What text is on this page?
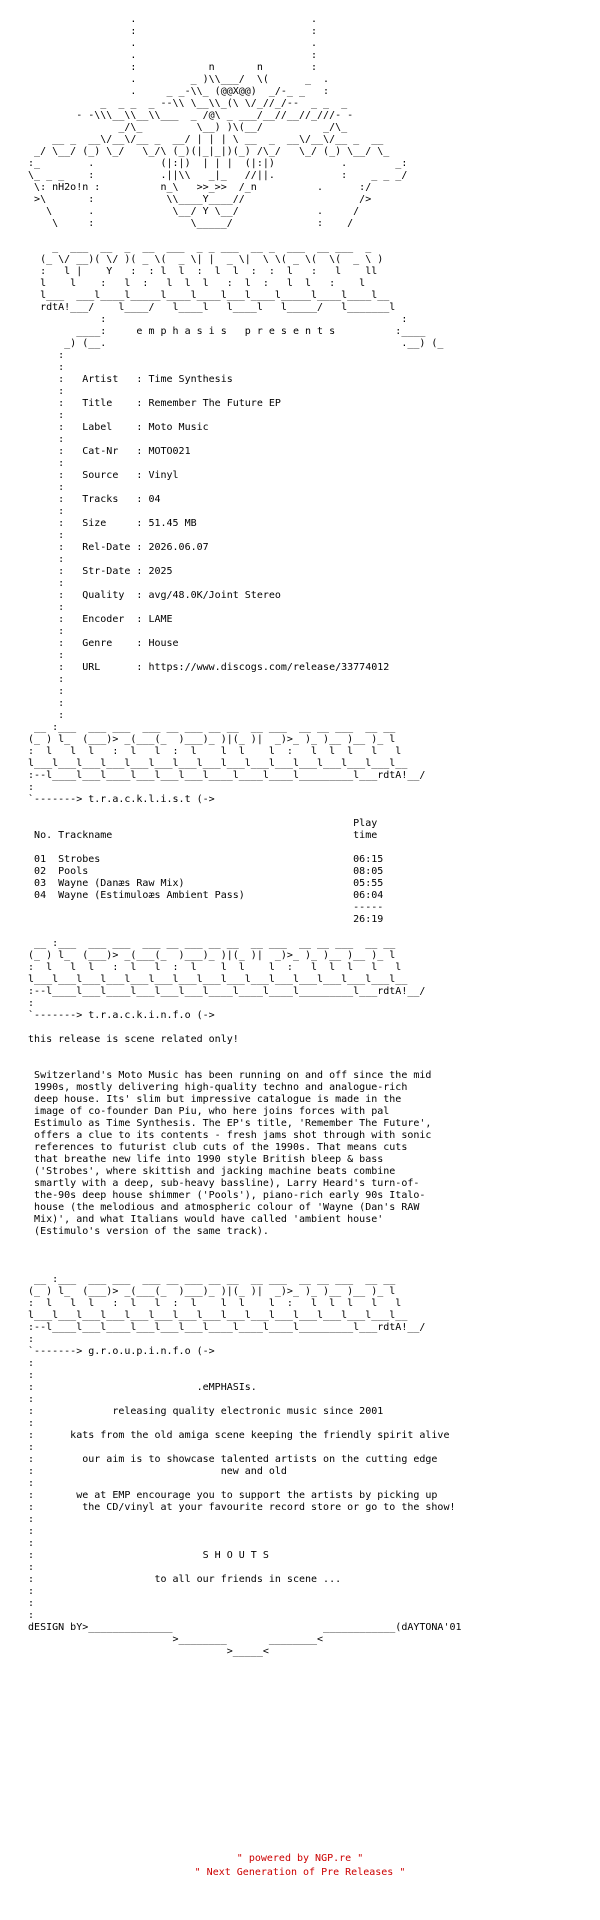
.                             .
:                             :
.                             .
.                             :
:            n       n        :
.         _ )\\___/  \(      _  .
.     _ _-\\_ (@@X@@)  _/-_ _   :
_  _ _  _ --\\ \__\\_(\ \/_//_/--  _ _  _
- -\\\__\\__\\___  _ /@\ _ ___/__//__//_///- -
_/\_         \__) )\(__/          _/\_
__ _  __\/__\/__ _  __/ | | | \ __  _  __\/__\/__ _  __
_/ \__/ (_) \_/   \_/\ (_)(|_|_|)(_) /\_/   \_/ (_) \__/ \_
:_        .           (|:|)  | | |  (|:|)           .        _:
\_ _ _    :           .||\\   _|_   //||.           :    _ _ _/
\: nH2o!n :          n_\   >>_>>  /_n          .      :/
>\       :            \\____Y____//                   />
\      .             \__/ Y \__/             .     /
\     :                \_____/              :    /

_  ___  __  _  __  ___  _ _ ___  __ _  ___  __ ___  _
(_ \/ __)( \/ )( _ \(  _ \| |  _ \|  \ \( _ \(  \(  _ \ )
:   l |    Y   :  : l  l  :  l  l  :  :  l   :   l    ll
l    l    :   l  :   l  l  l   :  l  :   l  l   :    l
l___  ___l____l_____l____l____l___l____l_____l____l____l__
rdtA!___/    l____/   l____l   l____l   l_____/   l_______l
:                                                 :
____:     e m p h a s i s   p r e s e n t s          :____
_) (__.                                                 .__) (_
:
:
:   Artist   : Time Synthesis
:
:   Title    : Remember The Future EP
:
:   Label    : Moto Music
:
:   Cat-Nr   : MOTO021
:
:   Source   : Vinyl
:
:   Tracks   : 04
:
:   Size     : 51.45 MB
:
:   Rel-Date : 2026.06.07
:
:   Str-Date : 2025
:
:   Quality  : avg/48.0K/Joint Stereo
:
:   Encoder  : LAME
:
:   Genre    : House
:
:   URL      : https://www.discogs.com/release/33774012
:
:
:
:
__ :___  ___ ___  ___ __ ___ __ __  __ ___  __ __ ___  __ __
(_ ) l_  (___)> _(___(_  )___)_ )|(_ )|  _)>_ )_ )__ )__ )_ l
:  l   l  l   :  l   l  :  l    l  l    l  :   l  l  l   l   l
l___l___l___l___l___l___l___l___l___l___l___l___l___l___l___l__
:--l____l___l____l___l___l___l____l____l____l_________l___rdtA!__/
:
`-------> t.r.a.c.k.l.i.s.t (->

Play
No. Trackname                                        time

01  Strobes                                          06:15
02  Pools                                            08:05
03  Wayne (Danæs Raw Mix)                            05:55
04  Wayne (Estimuloæs Ambient Pass)                  06:04
-----
26:19

__ :___  ___ ___  ___ __ ___ __ __  __ ___  __ __ ___  __ __
(_ ) l_  (___)> _(___(_  )___)_ )|(_ )|  _)>_ )_ )__ )__ )_ l
:  l   l  l   :  l   l  :  l    l  l    l  :   l  l  l   l   l
l___l___l___l___l___l___l___l___l___l___l___l___l___l___l___l__
:--l____l___l____l___l___l___l____l____l____l_________l___rdtA!__/
:
`-------> t.r.a.c.k.i.n.f.o (->

this release is scene related only!

Switzerland's Moto Music has been running on and off since the mid
1990s, mostly delivering high-quality techno and analogue-rich
deep house. Its' slim but impressive catalogue is made in the
image of co-founder Dan Piu, who here joins forces with pal
Estimulo as Time Synthesis. The EP's title, 'Remember The Future',
offers a clue to its contents - fresh jams shot through with sonic
references to futurist club cuts of the 1990s. That means cuts
that breathe new life into 1990 style British bleep & bass
('Strobes', where skittish and jacking machine beats combine
smartly with a deep, sub-heavy bassline), Larry Heard's turn-of-
the-90s deep house shimmer ('Pools'), piano-rich early 90s Italo-
house (the melodious and atmospheric colour of 'Wayne (Dan's RAW
Mix)', and what Italians would have called 'ambient house'
(Estimulo's version of the same track).

__ :___  ___ ___  ___ __ ___ __ __  __ ___  __ __ ___  __ __
(_ ) l_  (___)> _(___(_  )___)_ )|(_ )|  _)>_ )_ )__ )__ )_ l
:  l   l  l   :  l   l  :  l    l  l    l  :   l  l  l   l   l
l___l___l___l___l___l___l___l___l___l___l___l___l___l___l___l__
:--l____l___l____l___l___l___l____l____l____l_________l___rdtA!__/
:
`-------> g.r.o.u.p.i.n.f.o (->
:
:
:                           .eMPHASIs.
:
:             releasing quality electronic music since 2001
:
:      kats from the old amiga scene keeping the friendly spirit alive
:
:        our aim is to showcase talented artists on the cutting edge
:                               new and old
:
:       we at EMP encourage you to support the artists by picking up
:        the CD/vinyl at your favourite record store or go to the show!
:
:
:
:                            S H O U T S
:
:                    to all our friends in scene ...
:
:
:
dESIGN bY>______________                         ____________(dAYTONA'01
>________       ________<
>_____<
" powered by NGP.re "
" Next Generation of Pre Releases "
